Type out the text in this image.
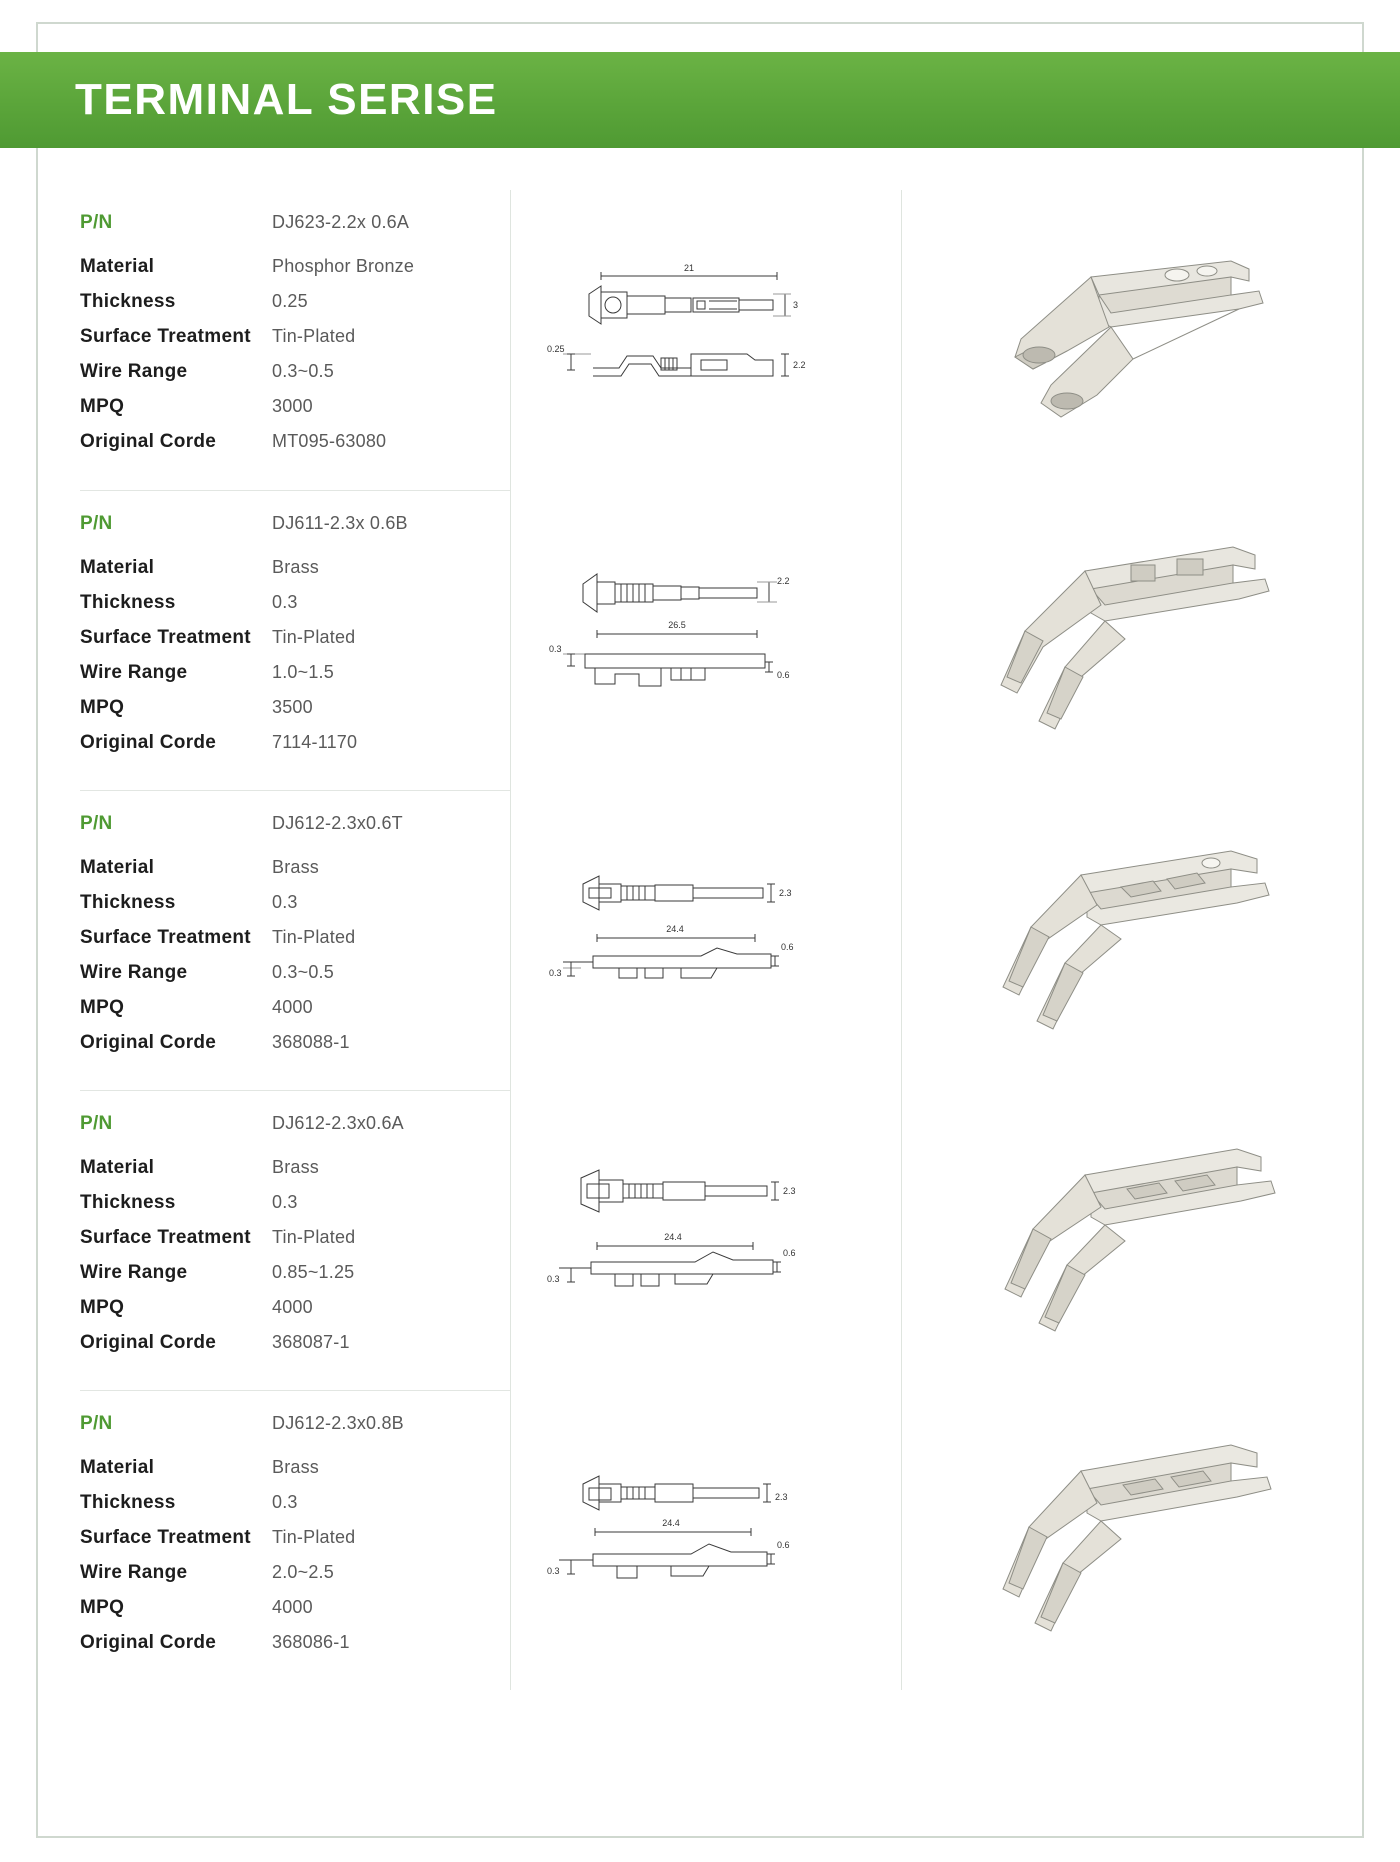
TERMINAL SERISE
P/N	DJ623-2.2x 0.6A
Material	Phosphor Bronze
Thickness	0.25
Surface Treatment	Tin-Plated
Wire Range	0.3~0.5
MPQ	3000
Original Corde	MT095-63080
21
3
0.25
2.2
P/N	DJ611-2.3x 0.6B
Material	Brass
Thickness	0.3
Surface Treatment	Tin-Plated
Wire Range	1.0~1.5
MPQ	3500
Original Corde	7114-1170
2.2
26.5
0.3
0.6
P/N	DJ612-2.3x0.6T
Material	Brass
Thickness	0.3
Surface Treatment	Tin-Plated
Wire Range	0.3~0.5
MPQ	4000
Original Corde	368088-1
2.3
24.4
0.3
0.6
P/N	DJ612-2.3x0.6A
Material	Brass
Thickness	0.3
Surface Treatment	Tin-Plated
Wire Range	0.85~1.25
MPQ	4000
Original Corde	368087-1
2.3
24.4
0.3
0.6
P/N	DJ612-2.3x0.8B
Material	Brass
Thickness	0.3
Surface Treatment	Tin-Plated
Wire Range	2.0~2.5
MPQ	4000
Original Corde	368086-1
2.3
24.4
0.3
0.6
